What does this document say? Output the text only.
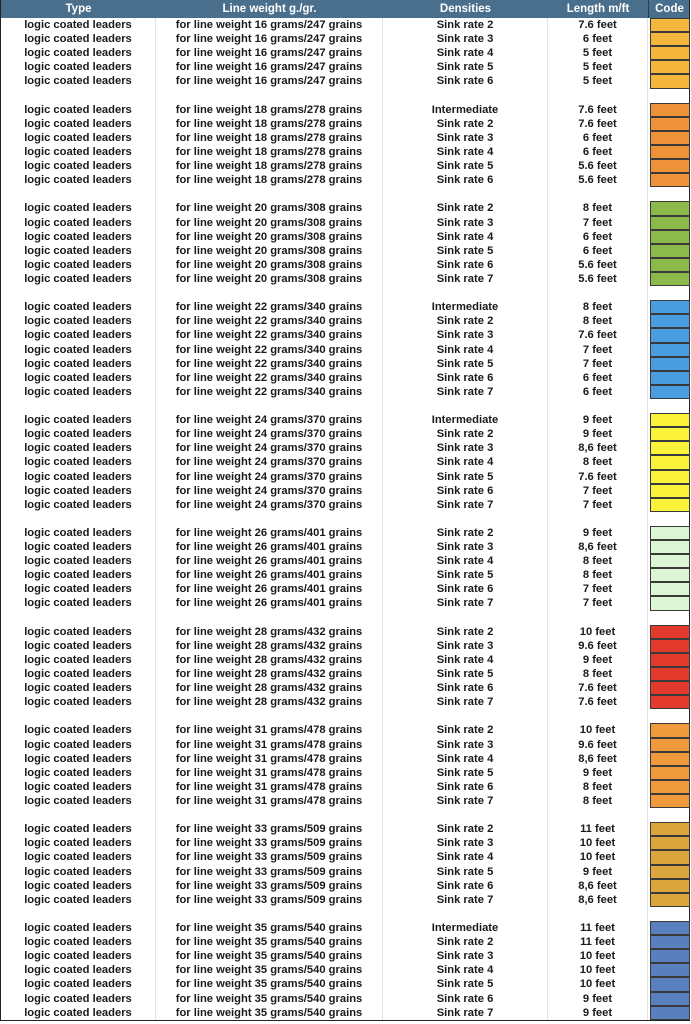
Type	Line weight g./gr.	Densities	Length m/ft	Code
logic coated leaders	for line weight 16 grams/247 grains	Sink rate 2	7.6 feet
logic coated leaders	for line weight 16 grams/247 grains	Sink rate 3	6 feet
logic coated leaders	for line weight 16 grams/247 grains	Sink rate 4	5 feet
logic coated leaders	for line weight 16 grams/247 grains	Sink rate 5	5 feet
logic coated leaders	for line weight 16 grams/247 grains	Sink rate 6	5 feet
logic coated leaders	for line weight 18 grams/278 grains	Intermediate	7.6 feet
logic coated leaders	for line weight 18 grams/278 grains	Sink rate 2	7.6 feet
logic coated leaders	for line weight 18 grams/278 grains	Sink rate 3	6 feet
logic coated leaders	for line weight 18 grams/278 grains	Sink rate 4	6 feet
logic coated leaders	for line weight 18 grams/278 grains	Sink rate 5	5.6 feet
logic coated leaders	for line weight 18 grams/278 grains	Sink rate 6	5.6 feet
logic coated leaders	for line weight 20 grams/308 grains	Sink rate 2	8 feet
logic coated leaders	for line weight 20 grams/308 grains	Sink rate 3	7 feet
logic coated leaders	for line weight 20 grams/308 grains	Sink rate 4	6 feet
logic coated leaders	for line weight 20 grams/308 grains	Sink rate 5	6 feet
logic coated leaders	for line weight 20 grams/308 grains	Sink rate 6	5.6 feet
logic coated leaders	for line weight 20 grams/308 grains	Sink rate 7	5.6 feet
logic coated leaders	for line weight 22 grams/340 grains	Intermediate	8 feet
logic coated leaders	for line weight 22 grams/340 grains	Sink rate 2	8 feet
logic coated leaders	for line weight 22 grams/340 grains	Sink rate 3	7.6 feet
logic coated leaders	for line weight 22 grams/340 grains	Sink rate 4	7 feet
logic coated leaders	for line weight 22 grams/340 grains	Sink rate 5	7 feet
logic coated leaders	for line weight 22 grams/340 grains	Sink rate 6	6 feet
logic coated leaders	for line weight 22 grams/340 grains	Sink rate 7	6 feet
logic coated leaders	for line weight 24 grams/370 grains	Intermediate	9 feet
logic coated leaders	for line weight 24 grams/370 grains	Sink rate 2	9 feet
logic coated leaders	for line weight 24 grams/370 grains	Sink rate 3	8,6 feet
logic coated leaders	for line weight 24 grams/370 grains	Sink rate 4	8 feet
logic coated leaders	for line weight 24 grams/370 grains	Sink rate 5	7.6 feet
logic coated leaders	for line weight 24 grams/370 grains	Sink rate 6	7 feet
logic coated leaders	for line weight 24 grams/370 grains	Sink rate 7	7 feet
logic coated leaders	for line weight 26 grams/401 grains	Sink rate 2	9 feet
logic coated leaders	for line weight 26 grams/401 grains	Sink rate 3	8,6 feet
logic coated leaders	for line weight 26 grams/401 grains	Sink rate 4	8 feet
logic coated leaders	for line weight 26 grams/401 grains	Sink rate 5	8 feet
logic coated leaders	for line weight 26 grams/401 grains	Sink rate 6	7 feet
logic coated leaders	for line weight 26 grams/401 grains	Sink rate 7	7 feet
logic coated leaders	for line weight 28 grams/432 grains	Sink rate 2	10 feet
logic coated leaders	for line weight 28 grams/432 grains	Sink rate 3	9.6 feet
logic coated leaders	for line weight 28 grams/432 grains	Sink rate 4	9 feet
logic coated leaders	for line weight 28 grams/432 grains	Sink rate 5	8 feet
logic coated leaders	for line weight 28 grams/432 grains	Sink rate 6	7.6 feet
logic coated leaders	for line weight 28 grams/432 grains	Sink rate 7	7.6 feet
logic coated leaders	for line weight 31 grams/478 grains	Sink rate 2	10 feet
logic coated leaders	for line weight 31 grams/478 grains	Sink rate 3	9.6 feet
logic coated leaders	for line weight 31 grams/478 grains	Sink rate 4	8,6 feet
logic coated leaders	for line weight 31 grams/478 grains	Sink rate 5	9 feet
logic coated leaders	for line weight 31 grams/478 grains	Sink rate 6	8 feet
logic coated leaders	for line weight 31 grams/478 grains	Sink rate 7	8 feet
logic coated leaders	for line weight 33 grams/509 grains	Sink rate 2	11 feet
logic coated leaders	for line weight 33 grams/509 grains	Sink rate 3	10 feet
logic coated leaders	for line weight 33 grams/509 grains	Sink rate 4	10 feet
logic coated leaders	for line weight 33 grams/509 grains	Sink rate 5	9 feet
logic coated leaders	for line weight 33 grams/509 grains	Sink rate 6	8,6 feet
logic coated leaders	for line weight 33 grams/509 grains	Sink rate 7	8,6 feet
logic coated leaders	for line weight 35 grams/540 grains	Intermediate	11 feet
logic coated leaders	for line weight 35 grams/540 grains	Sink rate 2	11 feet
logic coated leaders	for line weight 35 grams/540 grains	Sink rate 3	10 feet
logic coated leaders	for line weight 35 grams/540 grains	Sink rate 4	10 feet
logic coated leaders	for line weight 35 grams/540 grains	Sink rate 5	10 feet
logic coated leaders	for line weight 35 grams/540 grains	Sink rate 6	9 feet
logic coated leaders	for line weight 35 grams/540 grains	Sink rate 7	9 feet
